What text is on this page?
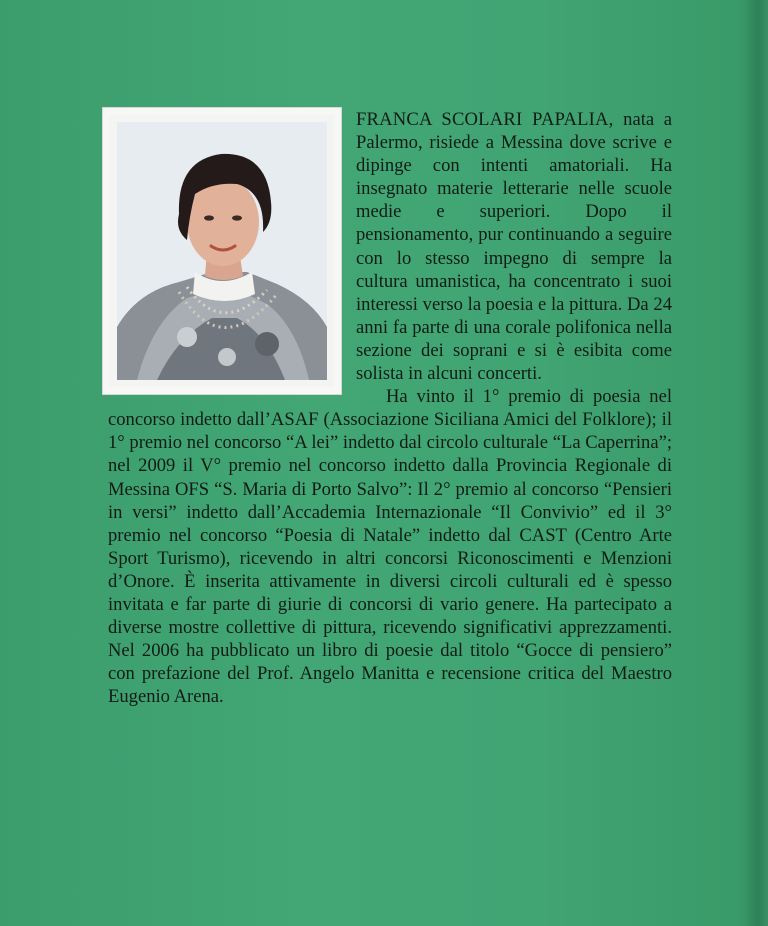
FRANCA SCOLARI PAPALIA, nata a Palermo, risiede a Messina dove scrive e dipinge con intenti amatoriali. Ha insegnato materie letterarie nelle scuole medie e superiori. Dopo il pensionamento, pur continuando a seguire con lo stesso impegno di sempre la cultura umanistica, ha concentrato i suoi interessi verso la poesia e la pittura. Da 24 anni fa parte di una corale polifonica nella sezione dei soprani e si è esibita come solista in alcuni concerti.

Ha vinto il 1° premio di poesia nel concorso indetto dall’ASAF (Associazione Siciliana Amici del Folklore); il 1° premio nel concorso “A lei” indetto dal circolo culturale “La Caperrina”; nel 2009 il V° premio nel concorso indetto dalla Provincia Regionale di Messina OFS “S. Maria di Porto Salvo”: Il 2° premio al concorso “Pensieri in versi” indetto dall’Accademia Internazionale “Il Convivio” ed il 3° premio nel concorso “Poesia di Natale” indetto dal CAST (Centro Arte Sport Turismo), ricevendo in altri concorsi Riconoscimenti e Menzioni d’Onore. È inserita attivamente in diversi circoli culturali ed è spesso invitata e far parte di giurie di concorsi di vario genere. Ha partecipato a diverse mostre collettive di pittura, ricevendo significativi apprezzamenti. Nel 2006 ha pubblicato un libro di poesie dal titolo “Gocce di pensiero” con prefazione del Prof. Angelo Manitta e recensione critica del Maestro Eugenio Arena.
